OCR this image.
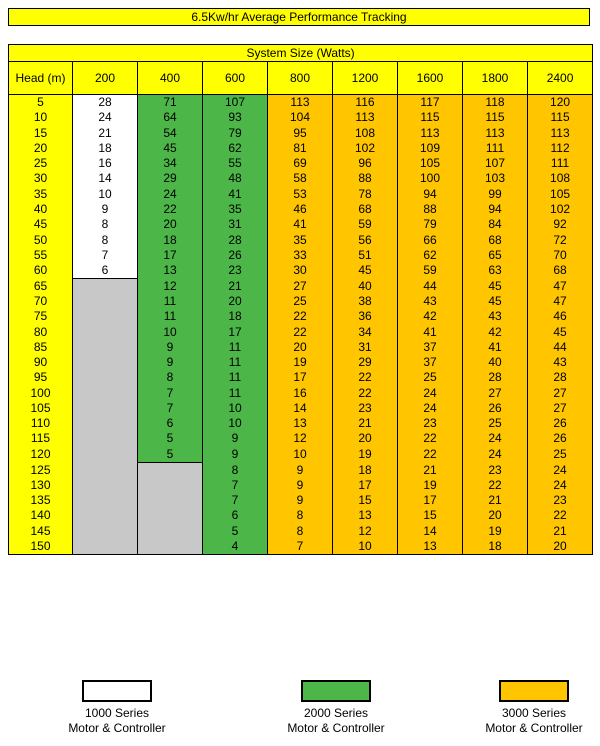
6.5Kw/hr Average Performance Tracking
System Size (Watts)								
Head (m)	200	400	600	800	1200	1600	1800	2400
5	28	71	107	113	116	117	118	120
10	24	64	93	104	113	115	115	115
15	21	54	79	95	108	113	113	113
20	18	45	62	81	102	109	111	112
25	16	34	55	69	96	105	107	111
30	14	29	48	58	88	100	103	108
35	10	24	41	53	78	94	99	105
40	9	22	35	46	68	88	94	102
45	8	20	31	41	59	79	84	92
50	8	18	28	35	56	66	68	72
55	7	17	26	33	51	62	65	70
60	6	13	23	30	45	59	63	68
65		12	21	27	40	44	45	47
70		11	20	25	38	43	45	47
75		11	18	22	36	42	43	46
80		10	17	22	34	41	42	45
85		9	11	20	31	37	41	44
90		9	11	19	29	37	40	43
95		8	11	17	22	25	28	28
100		7	11	16	22	24	27	27
105		7	10	14	23	24	26	27
110		6	10	13	21	23	25	26
115		5	9	12	20	22	24	26
120		5	9	10	19	22	24	25
125			8	9	18	21	23	24
130			7	9	17	19	22	24
135			7	9	15	17	21	23
140			6	8	13	15	20	22
145			5	8	12	14	19	21
150			4	7	10	13	18	20
1000 Series
Motor & Controller
2000 Series
Motor & Controller
3000 Series
Motor & Controller
